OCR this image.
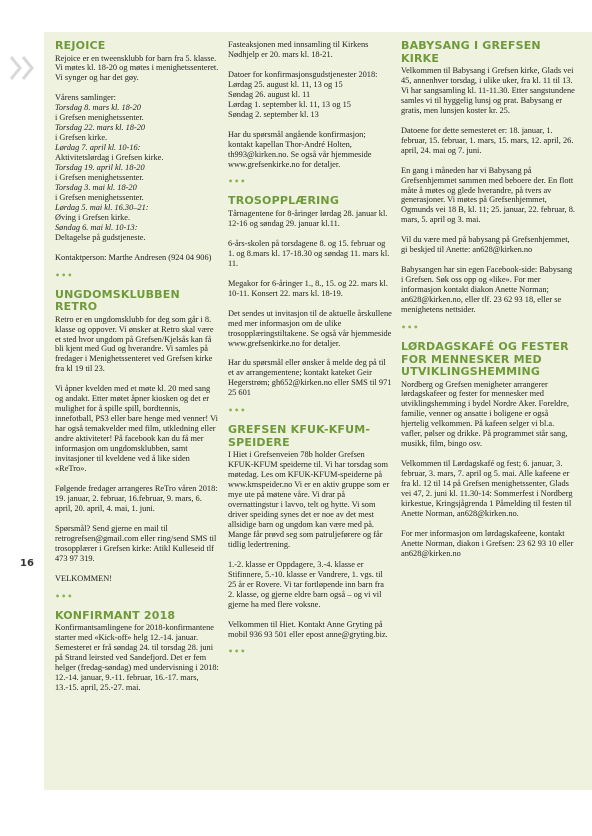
16
REJOICE

Rejoice er en tweensklubb for barn fra 5. klasse. Vi møtes kl. 18-20 og møtes i menighetssenteret. Vi synger og har det gøy.

Vårens samlinger:

Torsdag 8. mars kl. 18-20

i Grefsen menighetssenter.

Torsdag 22. mars kl. 18-20

i Grefsen kirke.

Lørdag 7. april kl. 10-16:

Aktivitetslørdag i Grefsen kirke.

Torsdag 19. april kl. 18-20

i Grefsen menighetssenter.

Torsdag 3. mai kl. 18-20

i Grefsen menighetssenter.

Lørdag 5. mai kl. 16.30–21:

Øving i Grefsen kirke.

Søndag 6. mai kl. 10-13:

Deltagelse på gudstjeneste.

Kontaktperson: Marthe Andresen (924 04 906)

•••
UNGDOMSKLUBBEN RETRO

Retro er en ungdomsklubb for deg som går i 8. klasse og oppover. Vi ønsker at Retro skal være et sted hvor ungdom på Grefsen/Kjelsås kan få bli kjent med Gud og hverandre. Vi samles på fredager i Menighetssenteret ved Grefsen kirke fra kl 19 til 23.

Vi åpner kvelden med et møte kl. 20 med sang og andakt. Etter møtet åpner kiosken og det er mulighet for å spille spill, bordtennis, innefotball, PS3 eller bare henge med venner! Vi har også temakvelder med film, utkledning eller andre aktiviteter! På facebook kan du få mer informasjon om ungdomsklubben, samt invitasjoner til kveldene ved å like siden «ReTro».

Følgende fredager arrangeres ReTro våren 2018: 19. januar, 2. februar, 16.februar, 9. mars, 6. april, 20. april, 4. mai, 1. juni.

Spørsmål? Send gjerne en mail til retrogrefsen@gmail.com eller ring/send SMS til trosopplærer i Grefsen kirke: Atikl Kulleseid tlf 473 97 319.

VELKOMMEN!

•••
KONFIRMANT 2018

Konfirmantsamlingene for 2018-konfirmantene starter med «Kick-off» helg 12.-14. januar. Semesteret er frå søndag 24. til torsdag 28. juni på Strand leirsted ved Sandefjord. Det er fem helger (fredag-søndag) med undervisning i 2018: 12.-14. januar, 9.-11. februar, 16.-17. mars, 13.-15. april, 25.-27. mai.

Fasteaksjonen med innsamling til Kirkens Nødhjelp er 20. mars kl. 18-21.

Datoer for konfirmasjonsgudstjenester 2018:
Lørdag 25. august kl. 11, 13 og 15
Søndag 26. august kl. 11
Lørdag 1. september kl. 11, 13 og 15
Søndag 2. september kl. 13

Har du spørsmål angående konfirmasjon; kontakt kapellan Thor-André Holten, th993@kirken.no. Se også vår hjemmeside www.grefsenkirke.no for detaljer.

•••
TROSOPPLÆRING

Tårnagentene for 8-åringer lørdag 28. januar kl. 12-16 og søndag 29. januar kl.11.

6-års-skolen på torsdagene 8. og 15. februar og 1. og 8.mars kl. 17-18.30 og søndag 11. mars kl. 11.

Megakor for 6-åringer 1., 8., 15. og 22. mars kl. 10-11. Konsert 22. mars kl. 18-19.

Det sendes ut invitasjon til de aktuelle årskullene med mer informasjon om de ulike trosopplæringstiltakene. Se også vår hjemmeside www.grefsenkirke.no for detaljer.

Har du spørsmål eller ønsker å melde deg på til et av arrangementene; kontakt kateket Geir Hegerstrøm; gh652@kirken.no eller SMS til 971 25 601

•••
GREFSEN KFUK-KFUM-SPEIDERE

I Hiet i Grefsenveien 78b holder Grefsen KFUK-KFUM speiderne til. Vi har torsdag som møtedag. Les om KFUK-KFUM-speiderne på www.kmspeider.no Vi er en aktiv gruppe som er mye ute på møtene våre. Vi drar på overnattingstur i lavvo, telt og hytte. Vi som driver speiding synes det er noe av det mest allsidige barn og ungdom kan være med på. Mange får prøvd seg som patruljeførere og får tidlig ledertrening.

1.-2. klasse er Oppdagere, 3.-4. klasse er Stifinnere, 5.-10. klasse er Vandrere, 1. vgs. til 25 år er Rovere. Vi tar fortløpende inn barn fra 2. klasse, og gjerne eldre barn også – og vi vil gjerne ha med flere voksne.

Velkommen til Hiet. Kontakt Anne Gryting på mobil 936 93 501 eller epost anne@gryting.biz.

•••
BABYSANG I GREFSEN KIRKE

Velkommen til Babysang i Grefsen kirke, Glads vei 45, annenhver torsdag, i ulike uker, fra kl. 11 til 13. Vi har sangsamling kl. 11-11.30. Etter sangstundene samles vi til hyggelig lunsj og prat. Babysang er gratis, men lunsjen koster kr. 25.

Datoene for dette semesteret er: 18. januar, 1. februar, 15. februar, 1. mars, 15. mars, 12. april, 26. april, 24. mai og 7. juni.

En gang i måneden har vi Babysang på Grefsenhjemmet sammen med beboere der. En flott måte å møtes og glede hverandre, på tvers av generasjoner. Vi møtes på Grefsenhjemmet, Ogmunds vei 18 B, kl. 11; 25. januar, 22. februar, 8. mars, 5. april og 3. mai.

Vil du være med på babysang på Grefsenhjemmet, gi beskjed til Anette: an628@kirken.no

Babysangen har sin egen Facebook-side: Babysang i Grefsen. Søk oss opp og «like». For mer informasjon kontakt diakon Anette Norman; an628@kirken.no, eller tlf. 23 62 93 18, eller se menighetens nettsider.

•••
LØRDAGSKAFÉ OG FESTER FOR MENNESKER MED UTVIKLINGSHEMMING

Nordberg og Grefsen menigheter arrangerer lørdagskafeer og fester for mennesker med utviklingshemming i bydel Nordre Aker. Foreldre, familie, venner og ansatte i boligene er også hjertelig velkommen. På kafeen selger vi bl.a. vafler, pølser og drikke. På programmet står sang, musikk, film, bingo osv.

Velkommen til Lørdagskafé og fest; 6. januar, 3. februar, 3. mars, 7. april og 5. mai. Alle kafeene er fra kl. 12 til 14 på Grefsen menighetssenter, Glads vei 47, 2. juni kl. 11.30-14: Sommerfest i Nordberg kirkestue, Kringsjågrenda 1 Påmelding til festen til Anette Norman, an628@kirken.no.

For mer informasjon om lørdagskafeene, kontakt Anette Norman, diakon i Grefsen: 23 62 93 10 eller an628@kirken.no
